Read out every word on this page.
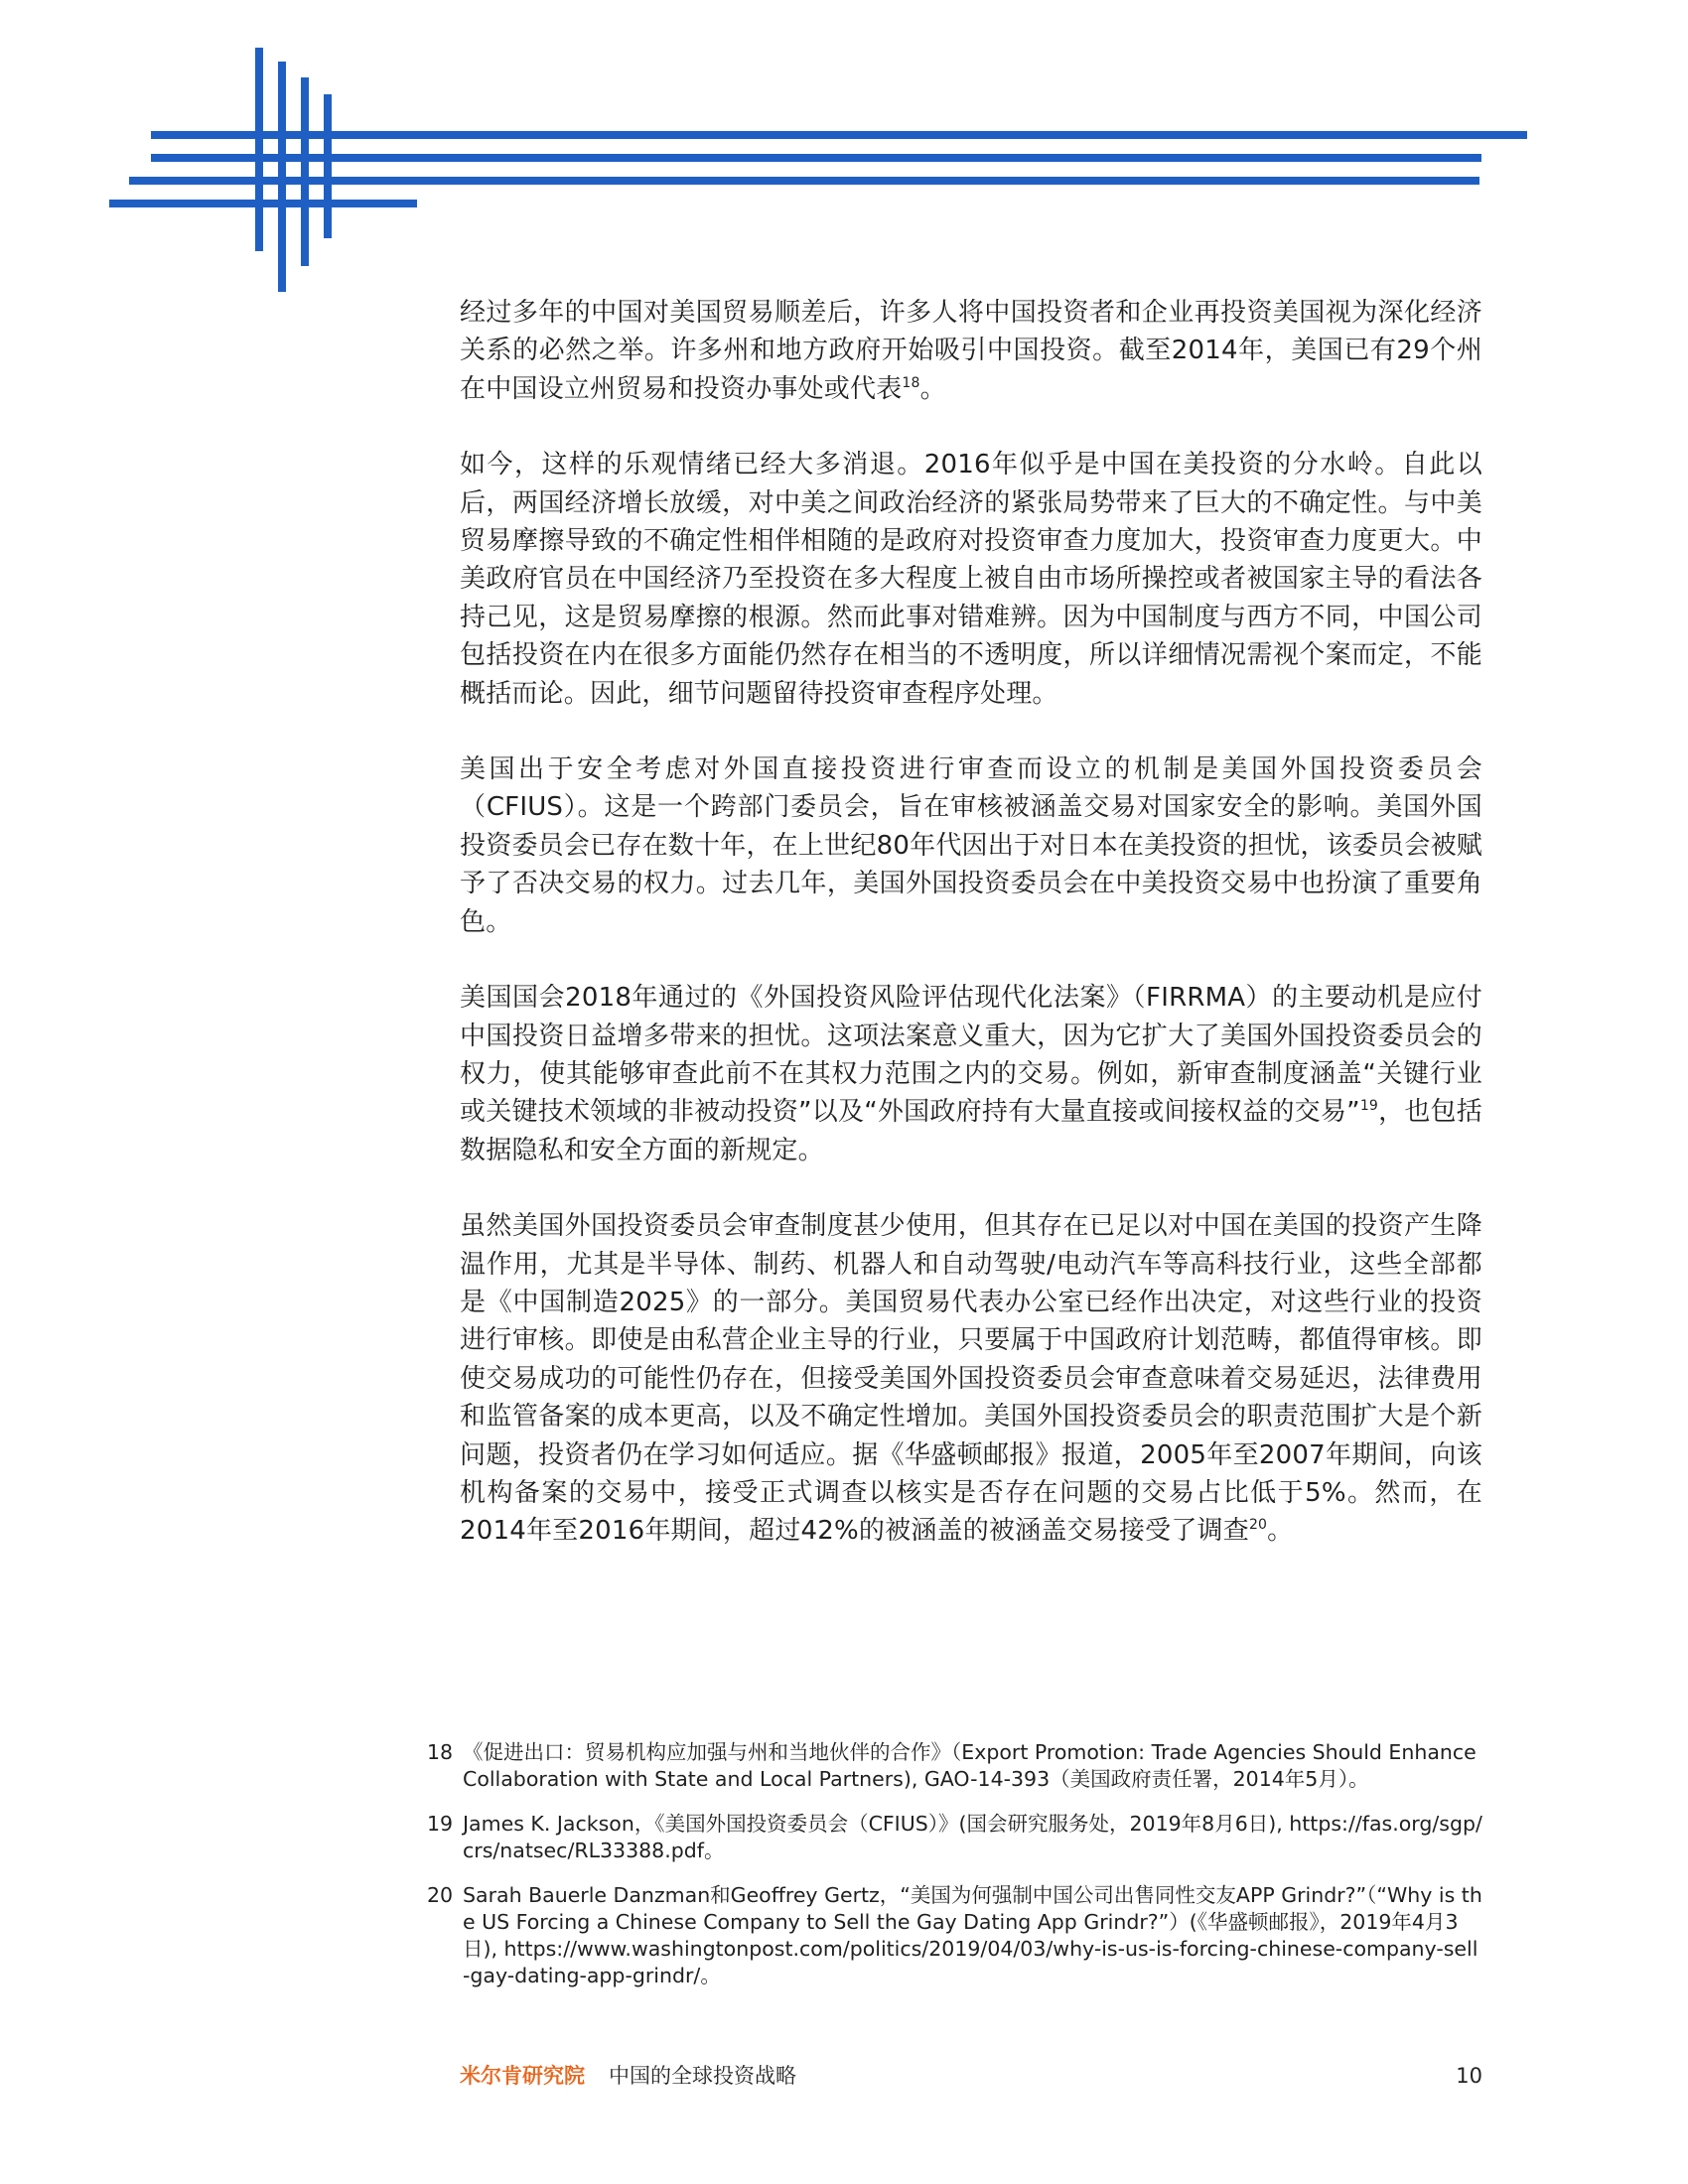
经过多年的中国对美国贸易顺差后，许多人将中国投资者和企业再投资美国视为深化经济关系的必然之举。许多州和地方政府开始吸引中国投资。截至2014年，美国已有29个州在中国设立州贸易和投资办事处或代表$^{18}$。

如今，这样的乐观情绪已经大多消退。2016年似乎是中国在美投资的分水岭。自此以后，两国经济增长放缓，对中美之间政治经济的紧张局势带来了巨大的不确定性。与中美贸易摩擦导致的不确定性相伴相随的是政府对投资审查力度加大，投资审查力度更大。中美政府官员在中国经济乃至投资在多大程度上被自由市场所操控或者被国家主导的看法各持己见，这是贸易摩擦的根源。然而此事对错难辨。因为中国制度与西方不同，中国公司包括投资在内在很多方面能仍然存在相当的不透明度，所以详细情况需视个案而定，不能概括而论。因此，细节问题留待投资审查程序处理。

美国出于安全考虑对外国直接投资进行审查而设立的机制是美国外国投资委员会（CFIUS）。这是一个跨部门委员会，旨在审核被涵盖交易对国家安全的影响。美国外国投资委员会已存在数十年，在上世纪80年代因出于对日本在美投资的担忧，该委员会被赋予了否决交易的权力。过去几年，美国外国投资委员会在中美投资交易中也扮演了重要角色。

美国国会2018年通过的《外国投资风险评估现代化法案》（FIRRMA）的主要动机是应付中国投资日益增多带来的担忧。这项法案意义重大，因为它扩大了美国外国投资委员会的权力，使其能够审查此前不在其权力范围之内的交易。例如，新审查制度涵盖“关键行业或关键技术领域的非被动投资”以及“外国政府持有大量直接或间接权益的交易”$^{19}$，也包括数据隐私和安全方面的新规定。

虽然美国外国投资委员会审查制度甚少使用，但其存在已足以对中国在美国的投资产生降温作用，尤其是半导体、制药、机器人和自动驾驶/电动汽车等高科技行业，这些全部都是《中国制造2025》的一部分。美国贸易代表办公室已经作出决定，对这些行业的投资进行审核。即使是由私营企业主导的行业，只要属于中国政府计划范畴，都值得审核。即使交易成功的可能性仍存在，但接受美国外国投资委员会审查意味着交易延迟，法律费用和监管备案的成本更高，以及不确定性增加。美国外国投资委员会的职责范围扩大是个新问题，投资者仍在学习如何适应。据《华盛顿邮报》报道，2005年至2007年期间，向该机构备案的交易中，接受正式调查以核实是否存在问题的交易占比低于5%。然而，在2014年至2016年期间，超过42%的被涵盖的被涵盖交易接受了调查$^{20}$。

18 《促进出口：贸易机构应加强与州和当地伙伴的合作》（Export Promotion: Trade Agencies Should Enhance Collaboration with State and Local Partners), GAO-14-393（美国政府责任署，2014年5月）。
19 James K. Jackson，《美国外国投资委员会（CFIUS）》(国会研究服务处，2019年8月6日), https://fas.org/sgp/crs/natsec/RL33388.pdf。
20 Sarah Bauerle Danzman和Geoffrey Gertz，“美国为何强制中国公司出售同性交友APP Grindr?”（“Why is the US Forcing a Chinese Company to Sell the Gay Dating App Grindr?”）(《华盛顿邮报》，2019年4月3日), https://www.washingtonpost.com/politics/2019/04/03/why-is-us-is-forcing-chinese-company-sell-gay-dating-app-grindr/。
米尔肯研究院 中国的全球投资战略	10
